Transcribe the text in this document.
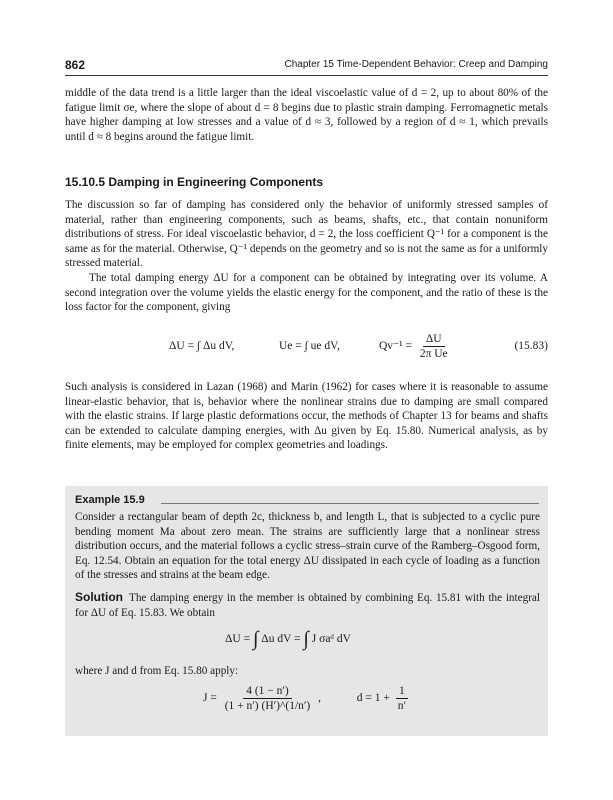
862	Chapter 15 Time-Dependent Behavior: Creep and Damping

middle of the data trend is a little larger than the ideal viscoelastic value of d = 2, up to about 80% of the fatigue limit σe, where the slope of about d = 8 begins due to plastic strain damping. Ferromagnetic metals have higher damping at low stresses and a value of d ≈ 3, followed by a region of d ≈ 1, which prevails until d ≈ 8 begins around the fatigue limit.

15.10.5 Damping in Engineering Components

The discussion so far of damping has considered only the behavior of uniformly stressed samples of material, rather than engineering components, such as beams, shafts, etc., that contain nonuniform distributions of stress. For ideal viscoelastic behavior, d = 2, the loss coefficient Q⁻¹ for a component is the same as for the material. Otherwise, Q⁻¹ depends on the geometry and so is not the same as for a uniformly stressed material.

The total damping energy ΔU for a component can be obtained by integrating over its volume. A second integration over the volume yields the elastic energy for the component, and the ratio of these is the loss factor for the component, giving

ΔU = ∫ Δu dV,	Ue = ∫ ue dV,	$Qv^{-1} = \frac{\Delta U}{\text{2π Ue}}$	(15.83)

Such analysis is considered in Lazan (1968) and Marin (1962) for cases where it is reasonable to assume linear-elastic behavior, that is, behavior where the nonlinear strains due to damping are small compared with the elastic strains. If large plastic deformations occur, the methods of Chapter 13 for beams and shafts can be extended to calculate damping energies, with Δu given by Eq. 15.80. Numerical analysis, as by finite elements, may be employed for complex geometries and loadings.

Example 15.9

Consider a rectangular beam of depth 2c, thickness b, and length L, that is subjected to a cyclic pure bending moment Ma about zero mean. The strains are sufficiently large that a nonlinear stress distribution occurs, and the material follows a cyclic stress–strain curve of the Ramberg–Osgood form, Eq. 12.54. Obtain an equation for the total energy ΔU dissipated in each cycle of loading as a function of the stresses and strains at the beam edge.

Solution The damping energy in the member is obtained by combining Eq. 15.81 with the integral for ΔU of Eq. 15.83. We obtain

ΔU = ∫ Δu dV = ∫ J σaᵈ dV

where J and d from Eq. 15.80 apply:

$J = \frac{4 (1 - n')}{(1 + n') (H')\^{}(1/n')}$ ,	$d = 1 + \frac{1}{n'}$
